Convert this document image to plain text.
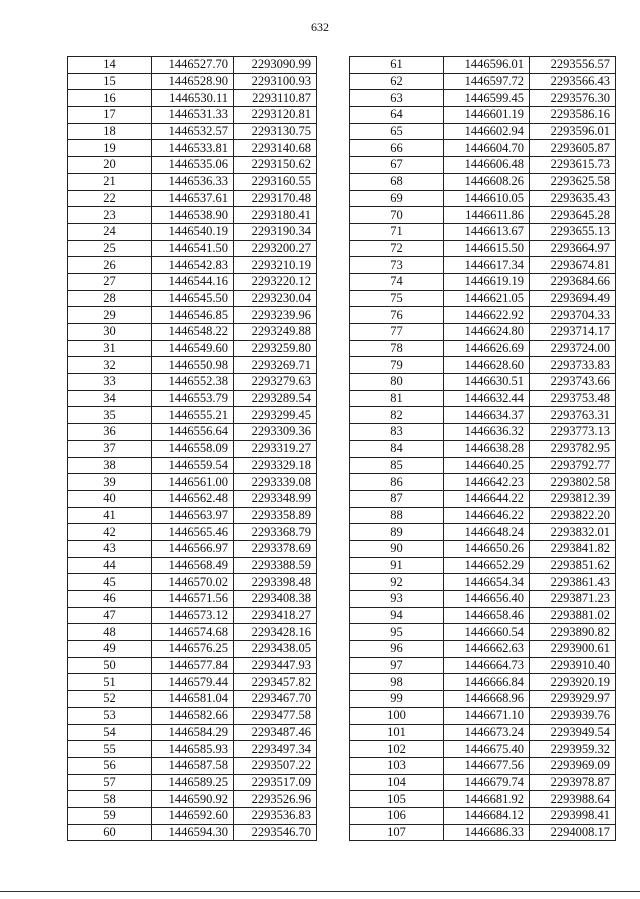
632
14	1446527.70	2293090.99
15	1446528.90	2293100.93
16	1446530.11	2293110.87
17	1446531.33	2293120.81
18	1446532.57	2293130.75
19	1446533.81	2293140.68
20	1446535.06	2293150.62
21	1446536.33	2293160.55
22	1446537.61	2293170.48
23	1446538.90	2293180.41
24	1446540.19	2293190.34
25	1446541.50	2293200.27
26	1446542.83	2293210.19
27	1446544.16	2293220.12
28	1446545.50	2293230.04
29	1446546.85	2293239.96
30	1446548.22	2293249.88
31	1446549.60	2293259.80
32	1446550.98	2293269.71
33	1446552.38	2293279.63
34	1446553.79	2293289.54
35	1446555.21	2293299.45
36	1446556.64	2293309.36
37	1446558.09	2293319.27
38	1446559.54	2293329.18
39	1446561.00	2293339.08
40	1446562.48	2293348.99
41	1446563.97	2293358.89
42	1446565.46	2293368.79
43	1446566.97	2293378.69
44	1446568.49	2293388.59
45	1446570.02	2293398.48
46	1446571.56	2293408.38
47	1446573.12	2293418.27
48	1446574.68	2293428.16
49	1446576.25	2293438.05
50	1446577.84	2293447.93
51	1446579.44	2293457.82
52	1446581.04	2293467.70
53	1446582.66	2293477.58
54	1446584.29	2293487.46
55	1446585.93	2293497.34
56	1446587.58	2293507.22
57	1446589.25	2293517.09
58	1446590.92	2293526.96
59	1446592.60	2293536.83
60	1446594.30	2293546.70
61	1446596.01	2293556.57
62	1446597.72	2293566.43
63	1446599.45	2293576.30
64	1446601.19	2293586.16
65	1446602.94	2293596.01
66	1446604.70	2293605.87
67	1446606.48	2293615.73
68	1446608.26	2293625.58
69	1446610.05	2293635.43
70	1446611.86	2293645.28
71	1446613.67	2293655.13
72	1446615.50	2293664.97
73	1446617.34	2293674.81
74	1446619.19	2293684.66
75	1446621.05	2293694.49
76	1446622.92	2293704.33
77	1446624.80	2293714.17
78	1446626.69	2293724.00
79	1446628.60	2293733.83
80	1446630.51	2293743.66
81	1446632.44	2293753.48
82	1446634.37	2293763.31
83	1446636.32	2293773.13
84	1446638.28	2293782.95
85	1446640.25	2293792.77
86	1446642.23	2293802.58
87	1446644.22	2293812.39
88	1446646.22	2293822.20
89	1446648.24	2293832.01
90	1446650.26	2293841.82
91	1446652.29	2293851.62
92	1446654.34	2293861.43
93	1446656.40	2293871.23
94	1446658.46	2293881.02
95	1446660.54	2293890.82
96	1446662.63	2293900.61
97	1446664.73	2293910.40
98	1446666.84	2293920.19
99	1446668.96	2293929.97
100	1446671.10	2293939.76
101	1446673.24	2293949.54
102	1446675.40	2293959.32
103	1446677.56	2293969.09
104	1446679.74	2293978.87
105	1446681.92	2293988.64
106	1446684.12	2293998.41
107	1446686.33	2294008.17
